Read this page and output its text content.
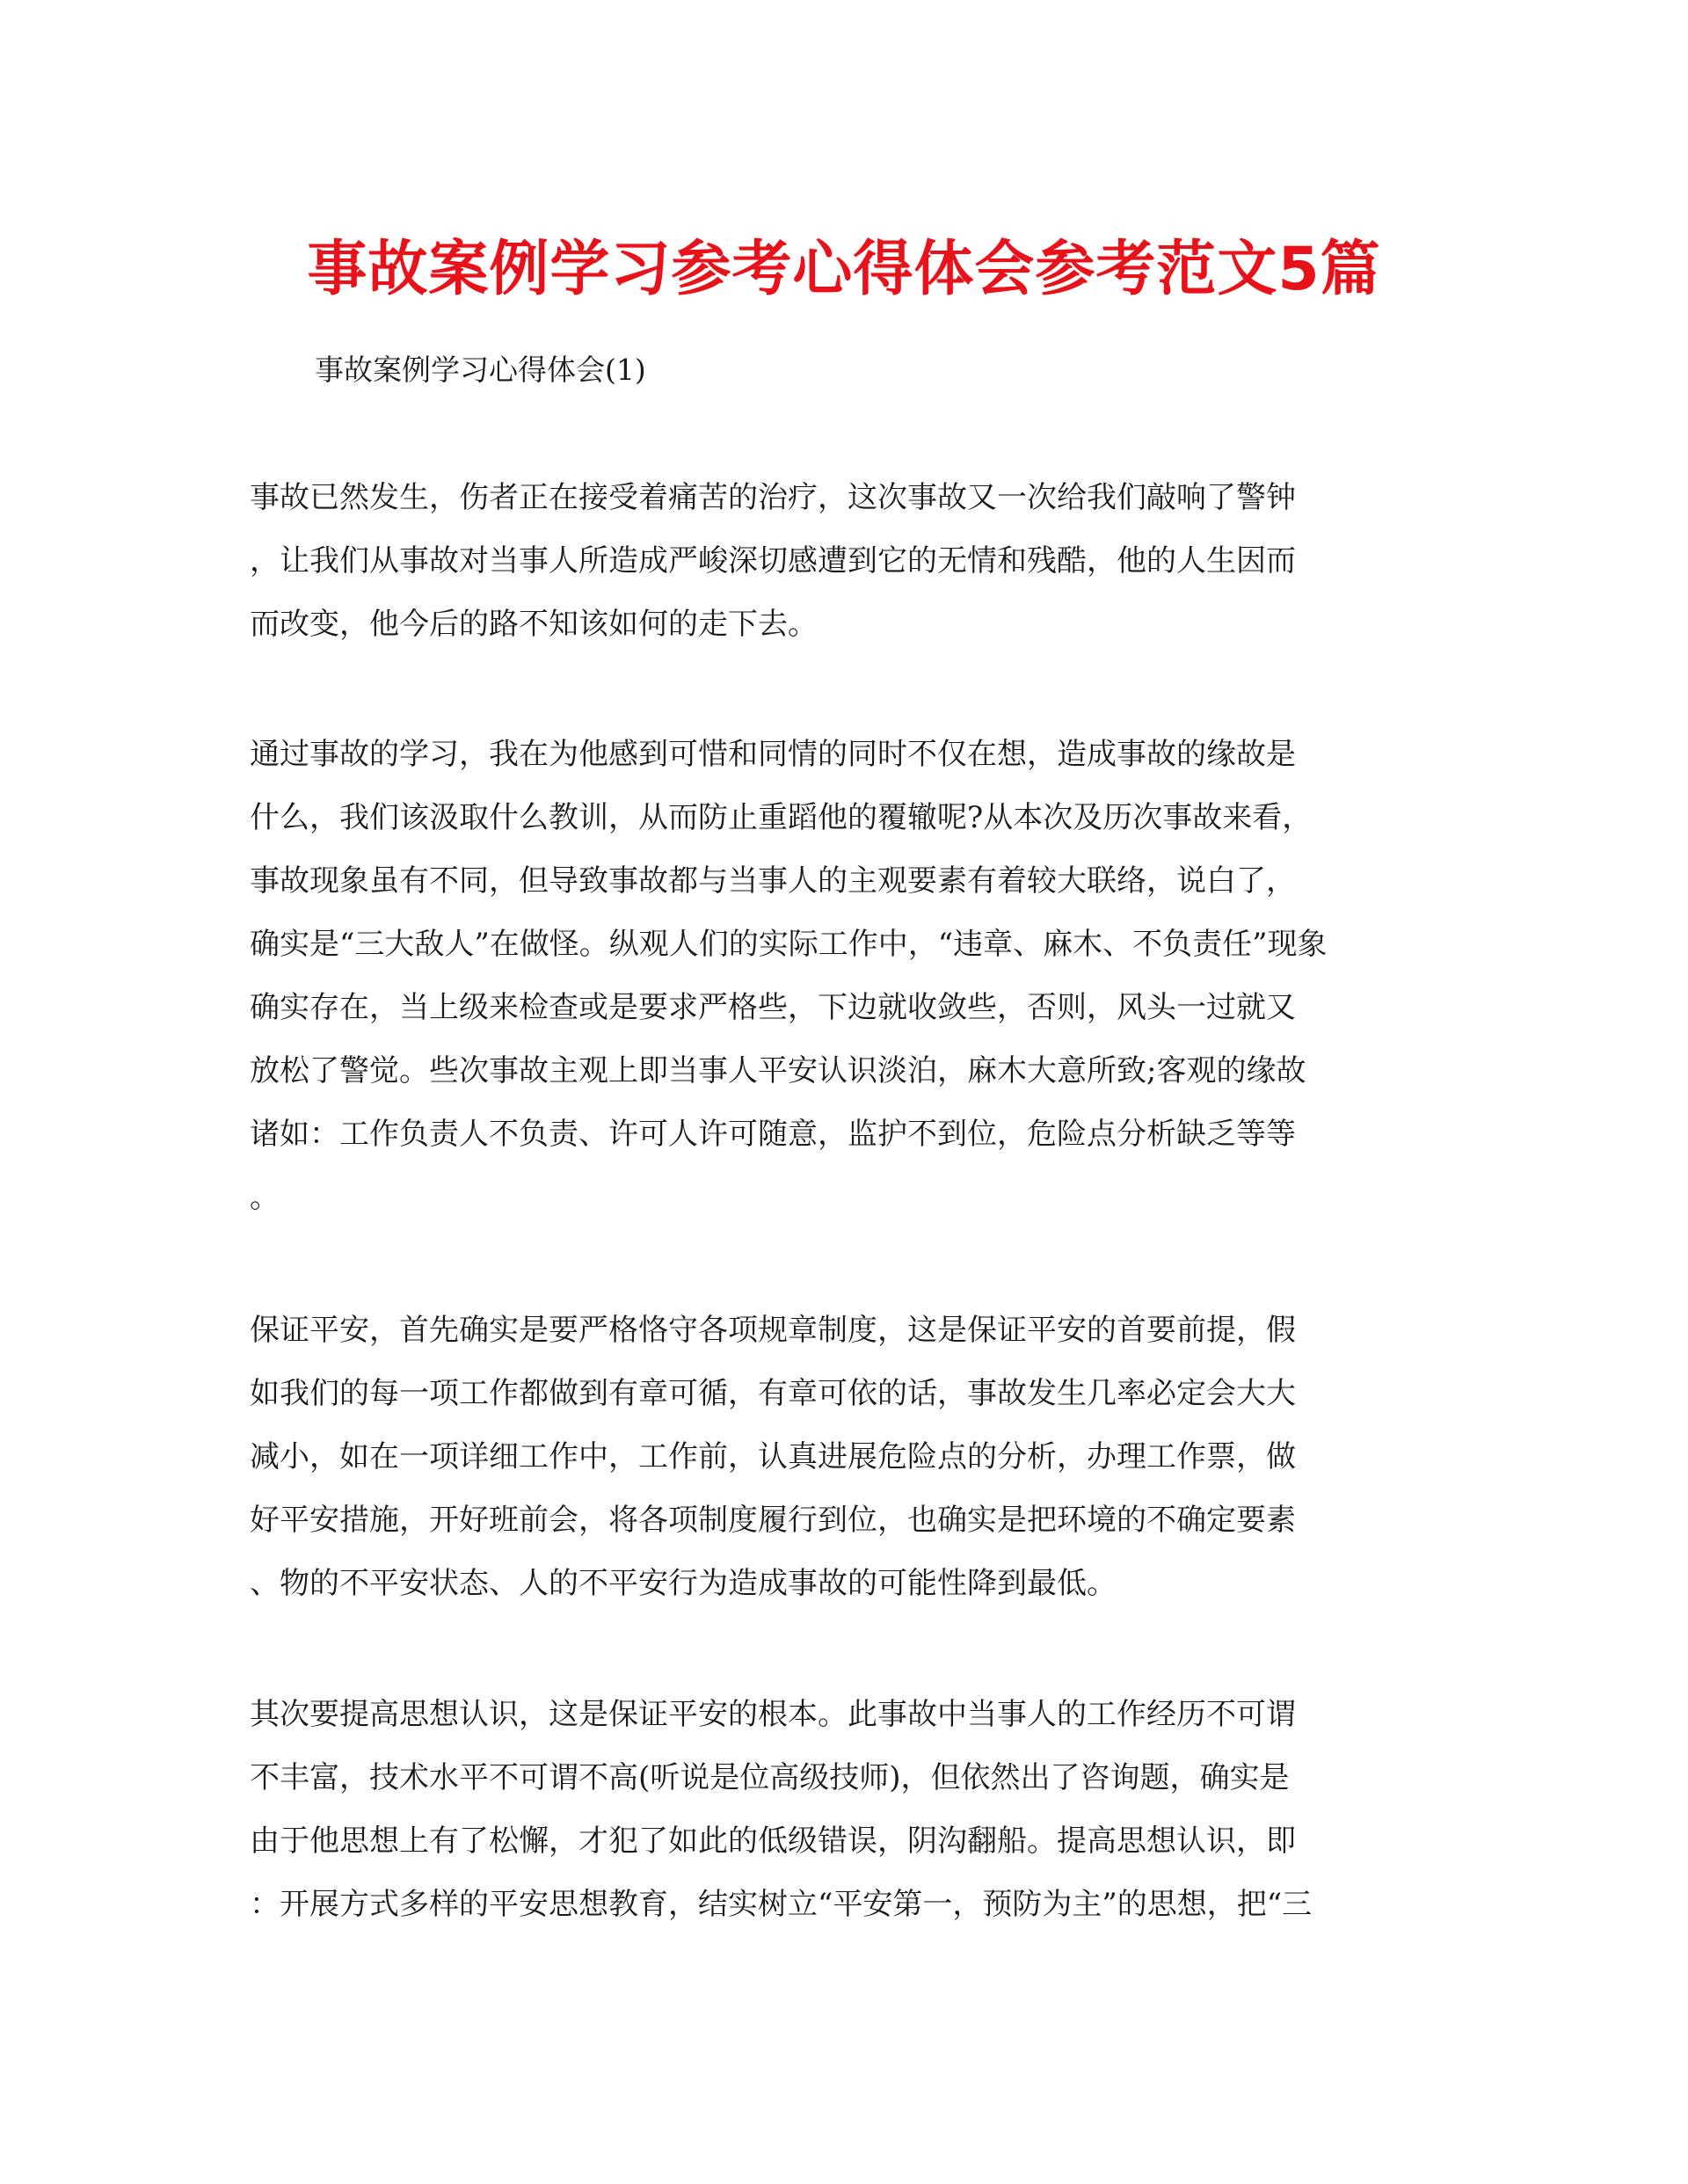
事故案例学习参考心得体会参考范文5篇

事故案例学习心得体会(1)

事故已然发生，伤者正在接受着痛苦的治疗，这次事故又一次给我们敲响了警钟
，让我们从事故对当事人所造成严峻深切感遭到它的无情和残酷，他的人生因而
而改变，他今后的路不知该如何的走下去。

通过事故的学习，我在为他感到可惜和同情的同时不仅在想，造成事故的缘故是
什么，我们该汲取什么教训，从而防止重蹈他的覆辙呢?从本次及历次事故来看，
事故现象虽有不同，但导致事故都与当事人的主观要素有着较大联络，说白了，
确实是“三大敌人”在做怪。纵观人们的实际工作中，“违章、麻木、不负责任”现象
确实存在，当上级来检查或是要求严格些，下边就收敛些，否则，风头一过就又
放松了警觉。些次事故主观上即当事人平安认识淡泊，麻木大意所致;客观的缘故
诸如：工作负责人不负责、许可人许可随意，监护不到位，危险点分析缺乏等等
。

保证平安，首先确实是要严格恪守各项规章制度，这是保证平安的首要前提，假
如我们的每一项工作都做到有章可循，有章可依的话，事故发生几率必定会大大
减小，如在一项详细工作中，工作前，认真进展危险点的分析，办理工作票，做
好平安措施，开好班前会，将各项制度履行到位，也确实是把环境的不确定要素
、物的不平安状态、人的不平安行为造成事故的可能性降到最低。

其次要提高思想认识，这是保证平安的根本。此事故中当事人的工作经历不可谓
不丰富，技术水平不可谓不高(听说是位高级技师)，但依然出了咨询题，确实是
由于他思想上有了松懈，才犯了如此的低级错误，阴沟翻船。提高思想认识，即
：开展方式多样的平安思想教育，结实树立“平安第一，预防为主”的思想，把“三
